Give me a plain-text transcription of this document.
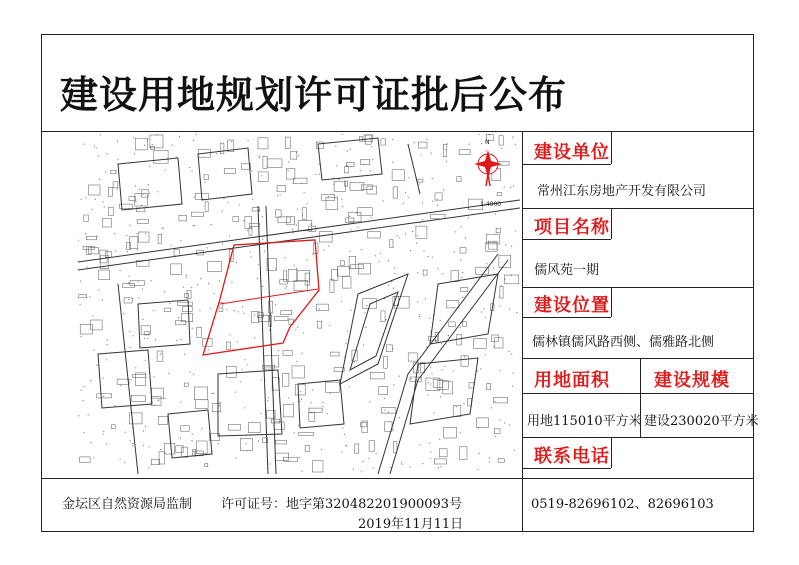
建设用地规划许可证批后公布
建设单位
常州江东房地产开发有限公司
项目名称
儒风苑一期
建设位置
儒林镇儒风路西侧、儒雅路北侧
用地面积 建设规模
用地115010平方米 建设230020平方米
联系电话
金坛区自然资源局监制 许可证号：地字第320482201900093号
2019年11月11日
0519-82696102、82696103
N
1:4000
